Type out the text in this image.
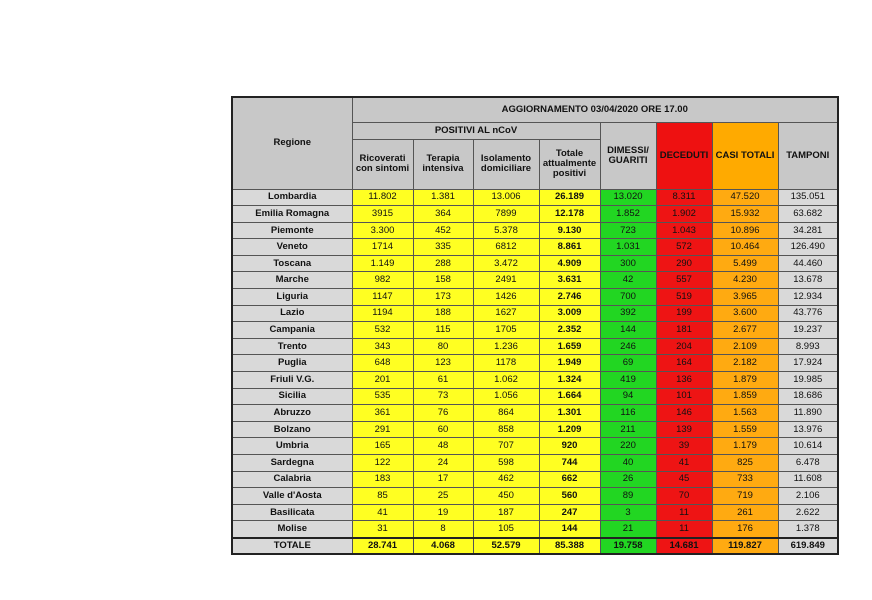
Regione	AGGIORNAMENTO 03/04/2020 ORE 17.00							
	POSITIVI AL nCoV				DIMESSI/ GUARITI	DECEDUTI	CASI TOTALI	TAMPONI
	Ricoverati con sintomi	Terapia intensiva	Isolamento domiciliare	Totale attualmente positivi				
Lombardia	11.802	1.381	13.006	26.189	13.020	8.311	47.520	135.051
Emilia Romagna	3915	364	7899	12.178	1.852	1.902	15.932	63.682
Piemonte	3.300	452	5.378	9.130	723	1.043	10.896	34.281
Veneto	1714	335	6812	8.861	1.031	572	10.464	126.490
Toscana	1.149	288	3.472	4.909	300	290	5.499	44.460
Marche	982	158	2491	3.631	42	557	4.230	13.678
Liguria	1147	173	1426	2.746	700	519	3.965	12.934
Lazio	1194	188	1627	3.009	392	199	3.600	43.776
Campania	532	115	1705	2.352	144	181	2.677	19.237
Trento	343	80	1.236	1.659	246	204	2.109	8.993
Puglia	648	123	1178	1.949	69	164	2.182	17.924
Friuli V.G.	201	61	1.062	1.324	419	136	1.879	19.985
Sicilia	535	73	1.056	1.664	94	101	1.859	18.686
Abruzzo	361	76	864	1.301	116	146	1.563	11.890
Bolzano	291	60	858	1.209	211	139	1.559	13.976
Umbria	165	48	707	920	220	39	1.179	10.614
Sardegna	122	24	598	744	40	41	825	6.478
Calabria	183	17	462	662	26	45	733	11.608
Valle d'Aosta	85	25	450	560	89	70	719	2.106
Basilicata	41	19	187	247	3	11	261	2.622
Molise	31	8	105	144	21	11	176	1.378
TOTALE	28.741	4.068	52.579	85.388	19.758	14.681	119.827	619.849
